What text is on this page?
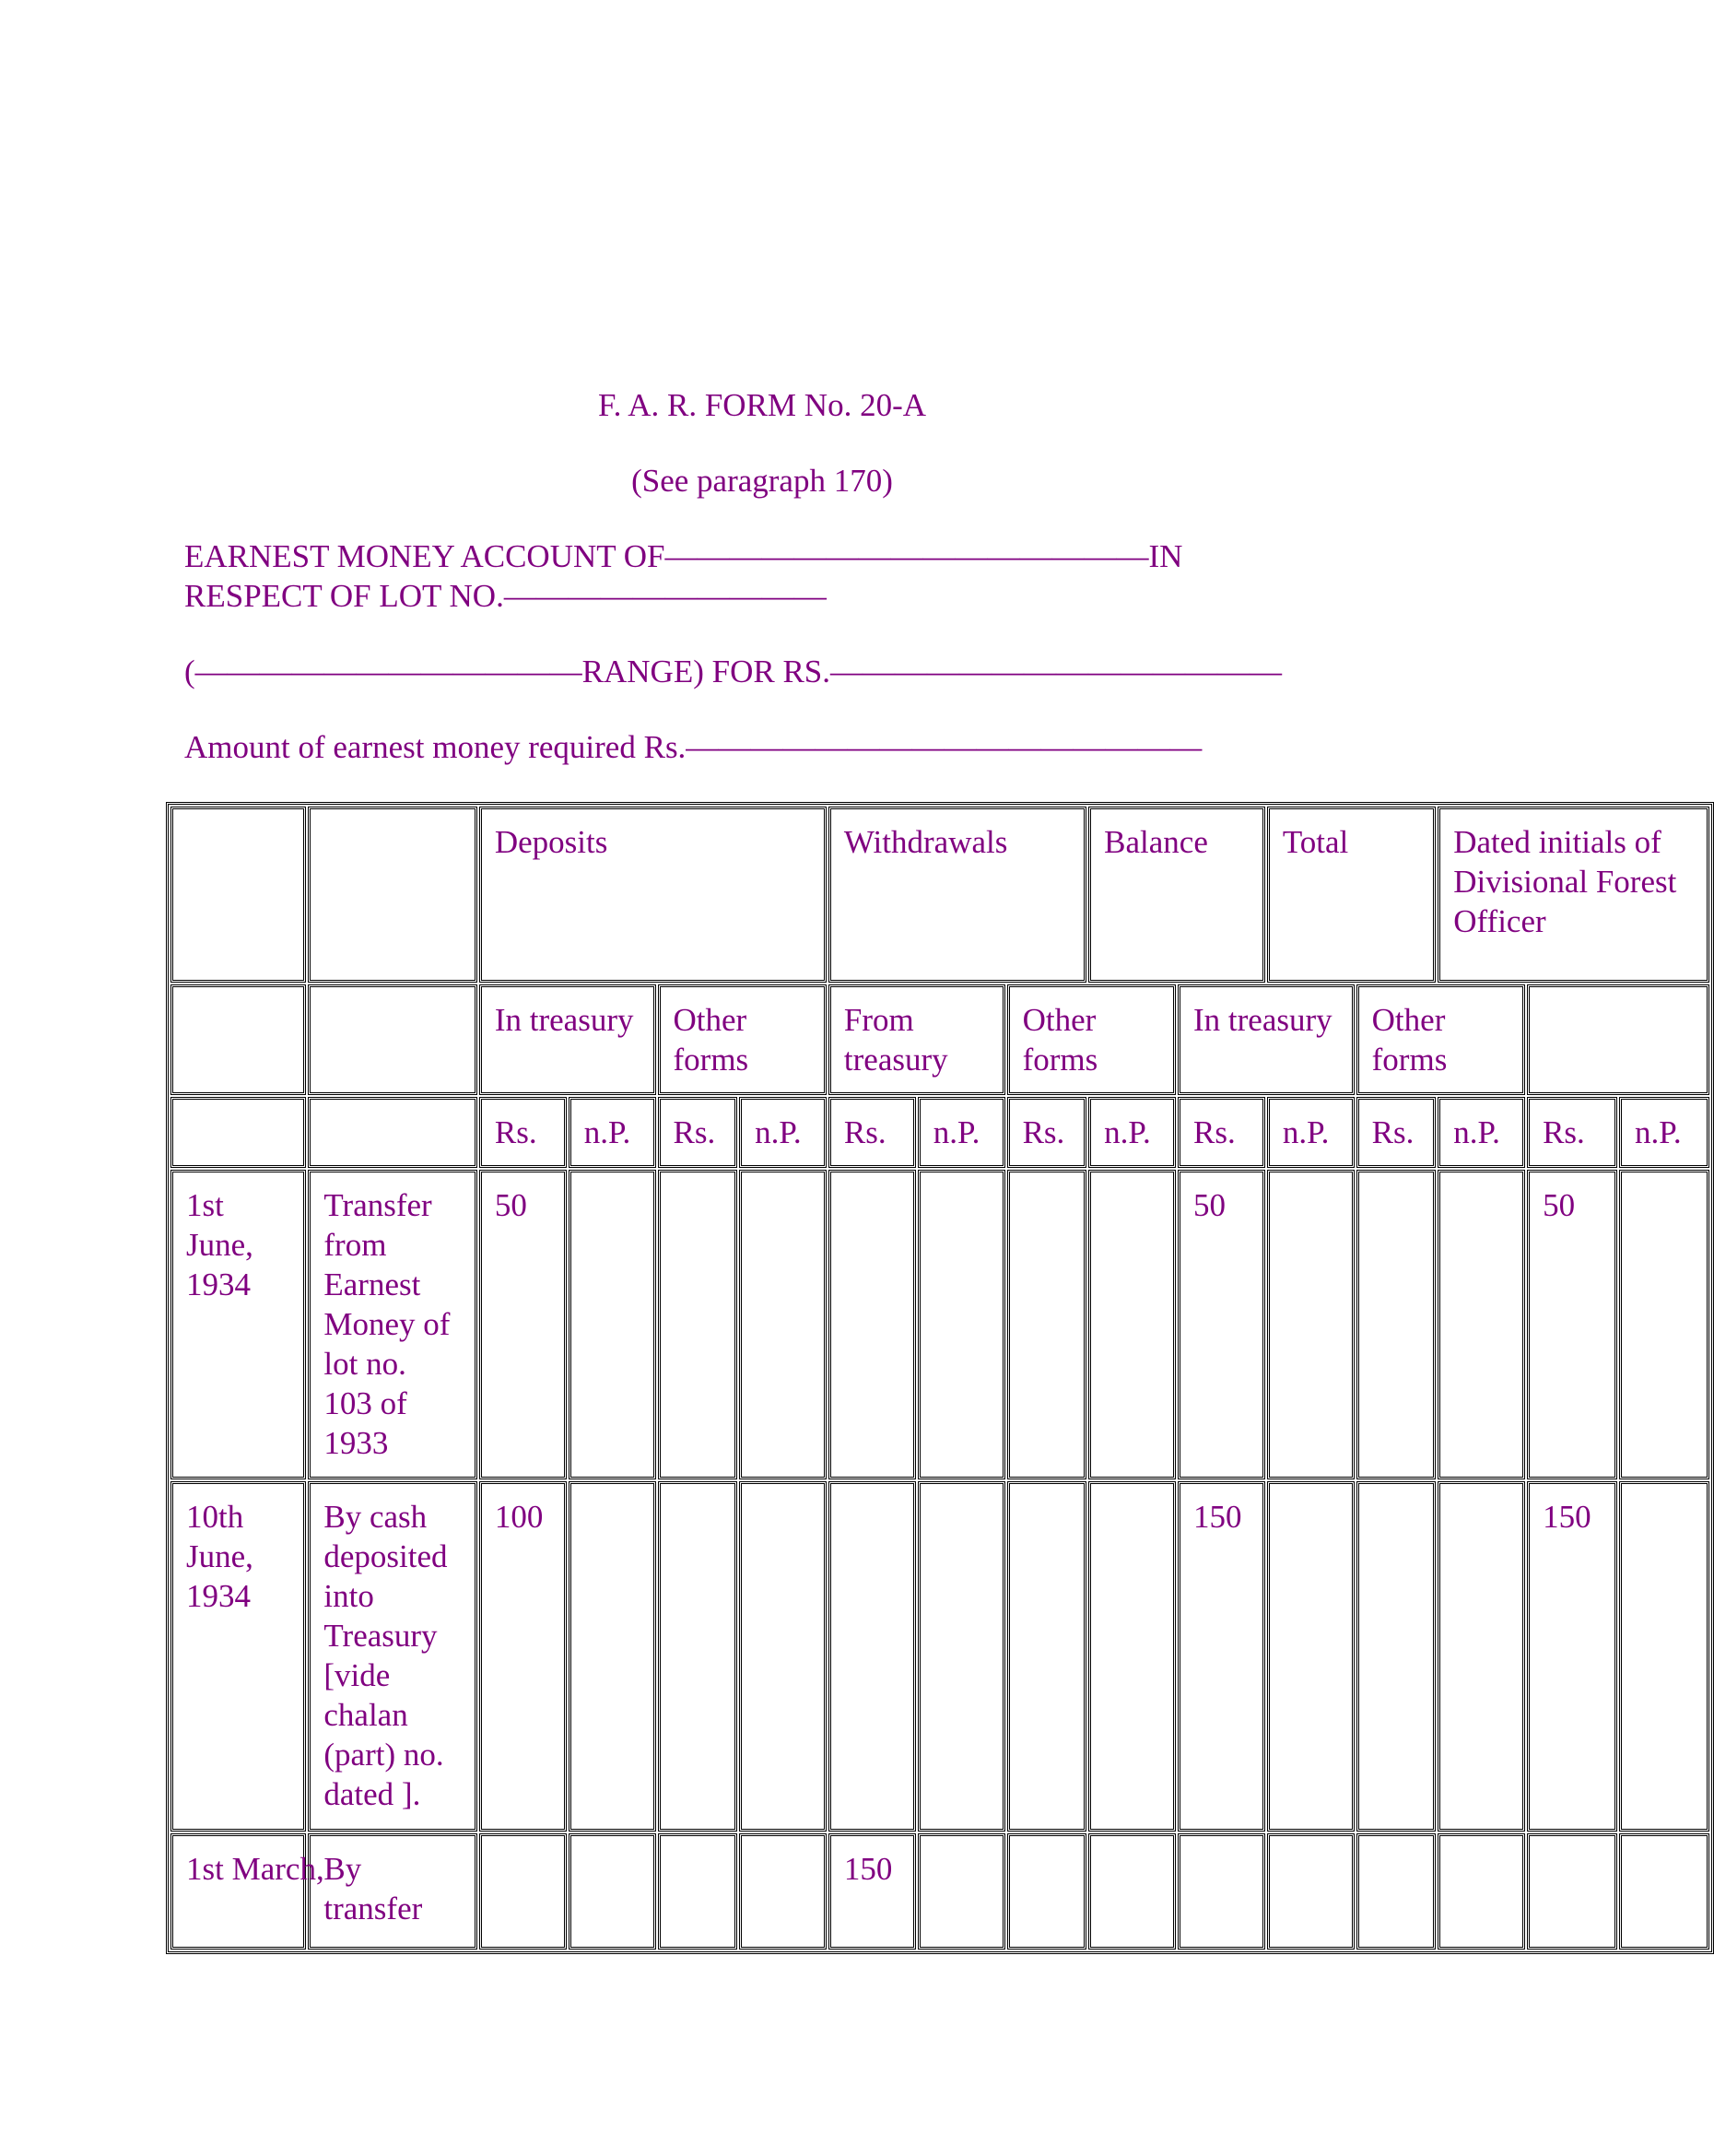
F. A. R. FORM No. 20-A
(See paragraph 170)
EARNEST MONEY ACCOUNT OF———————————————IN
RESPECT OF LOT NO.——————————
(————————————RANGE) FOR RS.——————————————
Amount of earnest money required Rs.————————————————
		Deposits				Withdrawals			Balance		Total		Dated initials of Divisional Forest Officer		
		In treasury		Other forms		From treasury		Other forms		In treasury		Other forms			
		Rs.	n.P.	Rs.	n.P.	Rs.	n.P.	Rs.	n.P.	Rs.	n.P.	Rs.	n.P.	Rs.	n.P.
1st June, 1934	Transfer from Earnest Money of lot no. 103 of 1933	50								50				50	
10th June, 1934	By cash deposited into Treasury [vide chalan (part) no. dated ].	100								150				150	
1st March,	By transfer					150									
